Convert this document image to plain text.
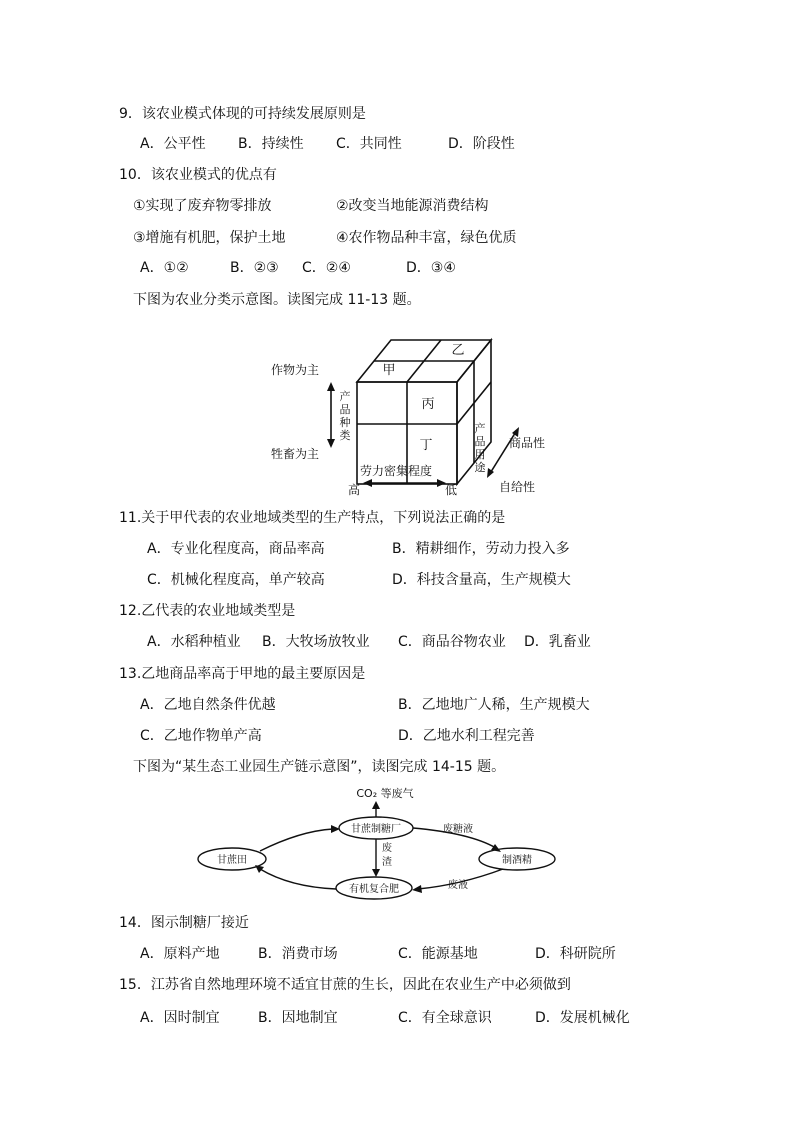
9．该农业模式体现的可持续发展原则是
A．公平性 B．持续性 C．共同性	D．阶段性
10．该农业模式的优点有
①实现了废弃物零排放	②改变当地能源消费结构
③增施有机肥，保护土地	④农作物品种丰富，绿色优质
A．①②	B．②③ C．②④	D．③④
下图为农业分类示意图。读图完成 11-13 题。
甲
乙
丙
丁
作物为主
牲畜为主
产品种类
产品用途
商品性
自给性
劳力密集程度
高	低
11.关于甲代表的农业地域类型的生产特点，下列说法正确的是
A．专业化程度高，商品率高	B．精耕细作，劳动力投入多
C．机械化程度高，单产较高	D．科技含量高，生产规模大
12.乙代表的农业地域类型是
A．水稻种植业 B．大牧场放牧业 C．商品谷物农业 D．乳畜业
13.乙地商品率高于甲地的最主要原因是
A．乙地自然条件优越	B．乙地地广人稀，生产规模大
C．乙地作物单产高	D．乙地水利工程完善
下图为“某生态工业园生产链示意图”，读图完成 14-15 题。
CO₂ 等废气
甘蔗制糖厂
甘蔗田	制酒精
有机复合肥
废糖液
废渣
废液
14．图示制糖厂接近
A．原料产地	B．消费市场	C．能源基地	D．科研院所
15．江苏省自然地理环境不适宜甘蔗的生长，因此在农业生产中必须做到
A．因时制宜	B．因地制宜	C．有全球意识	D．发展机械化
